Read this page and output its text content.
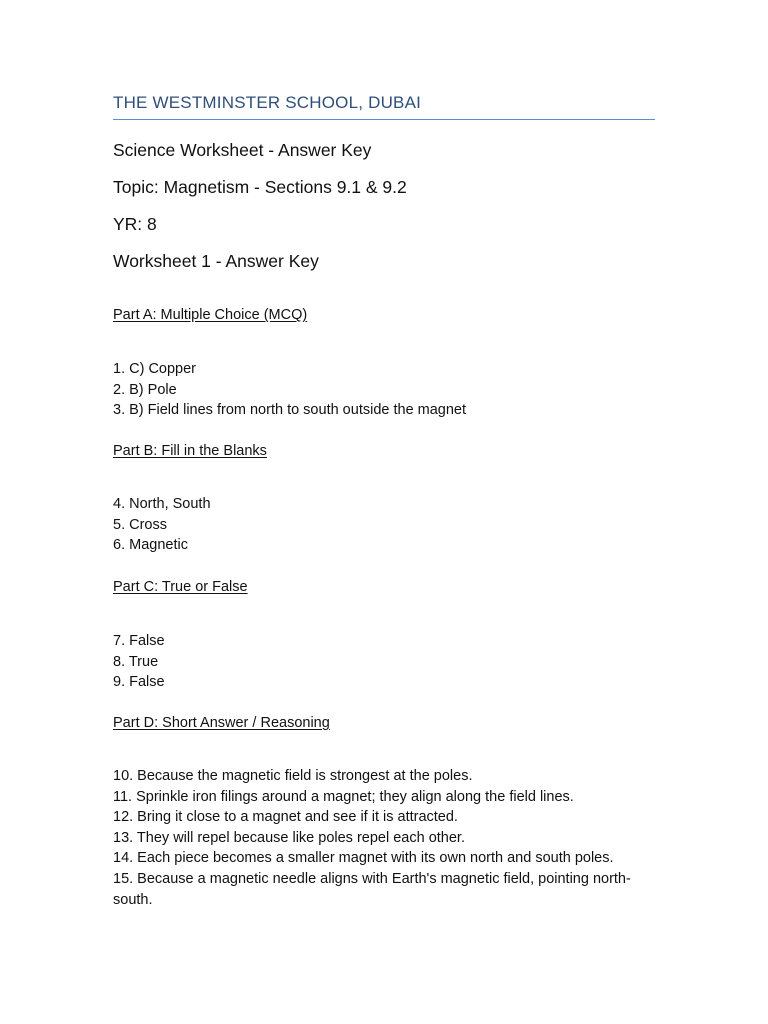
THE WESTMINSTER SCHOOL, DUBAI
Science Worksheet - Answer Key
Topic: Magnetism - Sections 9.1 & 9.2
YR: 8
Worksheet 1 - Answer Key
Part A: Multiple Choice (MCQ)
1. C) Copper
2. B) Pole
3. B) Field lines from north to south outside the magnet
Part B: Fill in the Blanks
4. North, South
5. Cross
6. Magnetic
Part C: True or False
7. False
8. True
9. False
Part D: Short Answer / Reasoning
10. Because the magnetic field is strongest at the poles.
11. Sprinkle iron filings around a magnet; they align along the field lines.
12. Bring it close to a magnet and see if it is attracted.
13. They will repel because like poles repel each other.
14. Each piece becomes a smaller magnet with its own north and south poles.
15. Because a magnetic needle aligns with Earth's magnetic field, pointing north-south.
